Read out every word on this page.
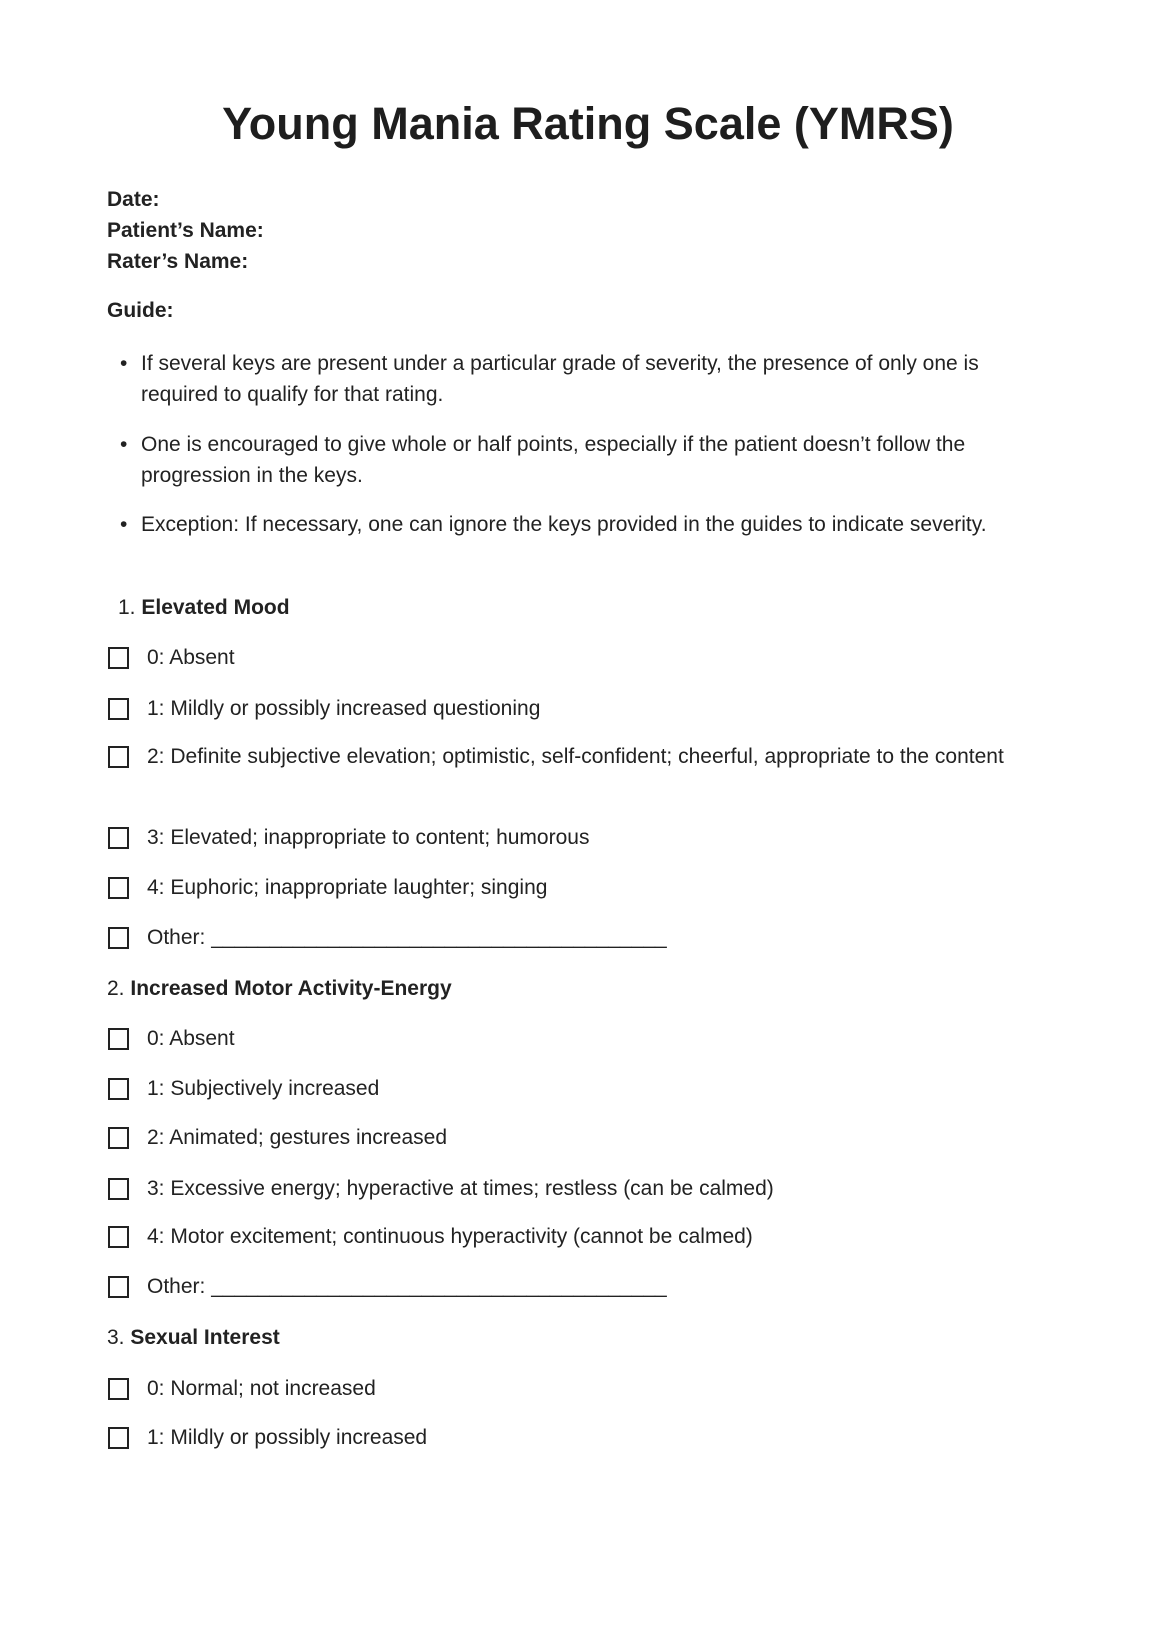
Young Mania Rating Scale (YMRS)
Date:
Patient’s Name:
Rater’s Name:
Guide:
• If several keys are present under a particular grade of severity, the presence of only one is required to qualify for that rating.
• One is encouraged to give whole or half points, especially if the patient doesn’t follow the progression in the keys.
• Exception: If necessary, one can ignore the keys provided in the guides to indicate severity.
1. Elevated Mood
0: Absent
1: Mildly or possibly increased questioning
2: Definite subjective elevation; optimistic, self-confident; cheerful, appropriate to the content
3: Elevated; inappropriate to content; humorous
4: Euphoric; inappropriate laughter; singing
Other: _______________________________________
2. Increased Motor Activity-Energy
0: Absent
1: Subjectively increased
2: Animated; gestures increased
3: Excessive energy; hyperactive at times; restless (can be calmed)
4: Motor excitement; continuous hyperactivity (cannot be calmed)
Other: _______________________________________
3. Sexual Interest
0: Normal; not increased
1: Mildly or possibly increased
